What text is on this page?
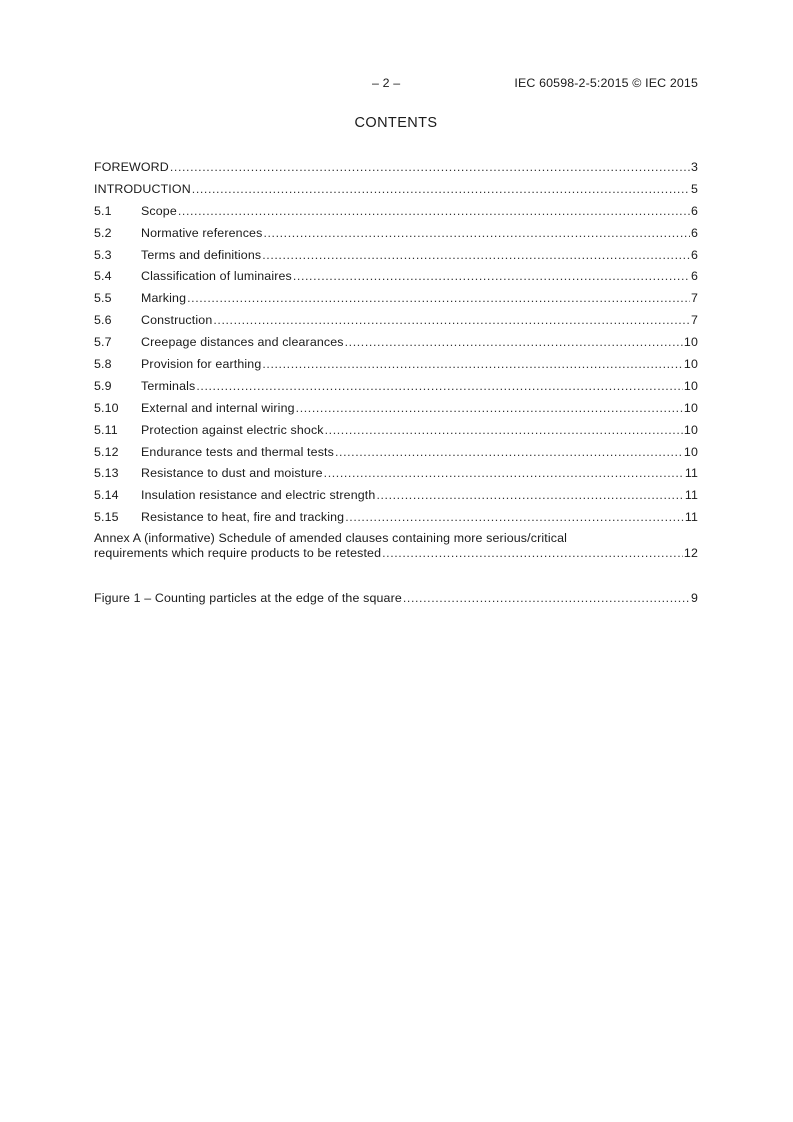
– 2 –	IEC 60598-2-5:2015 © IEC 2015
CONTENTS
FOREWORD .....	3
INTRODUCTION .....	5
5.1	Scope .....	6
5.2	Normative references .....	6
5.3	Terms and definitions .....	6
5.4	Classification of luminaires .....	6
5.5	Marking .....	7
5.6	Construction .....	7
5.7	Creepage distances and clearances .....	10
5.8	Provision for earthing .....	10
5.9	Terminals .....	10
5.10	External and internal wiring .....	10
5.11	Protection against electric shock .....	10
5.12	Endurance tests and thermal tests .....	10
5.13	Resistance to dust and moisture .....	11
5.14	Insulation resistance and electric strength .....	11
5.15	Resistance to heat, fire and tracking .....	11
Annex A (informative) Schedule of amended clauses containing more serious/critical
requirements which require products to be retested .....	12
Figure 1 – Counting particles at the edge of the square .....	9
